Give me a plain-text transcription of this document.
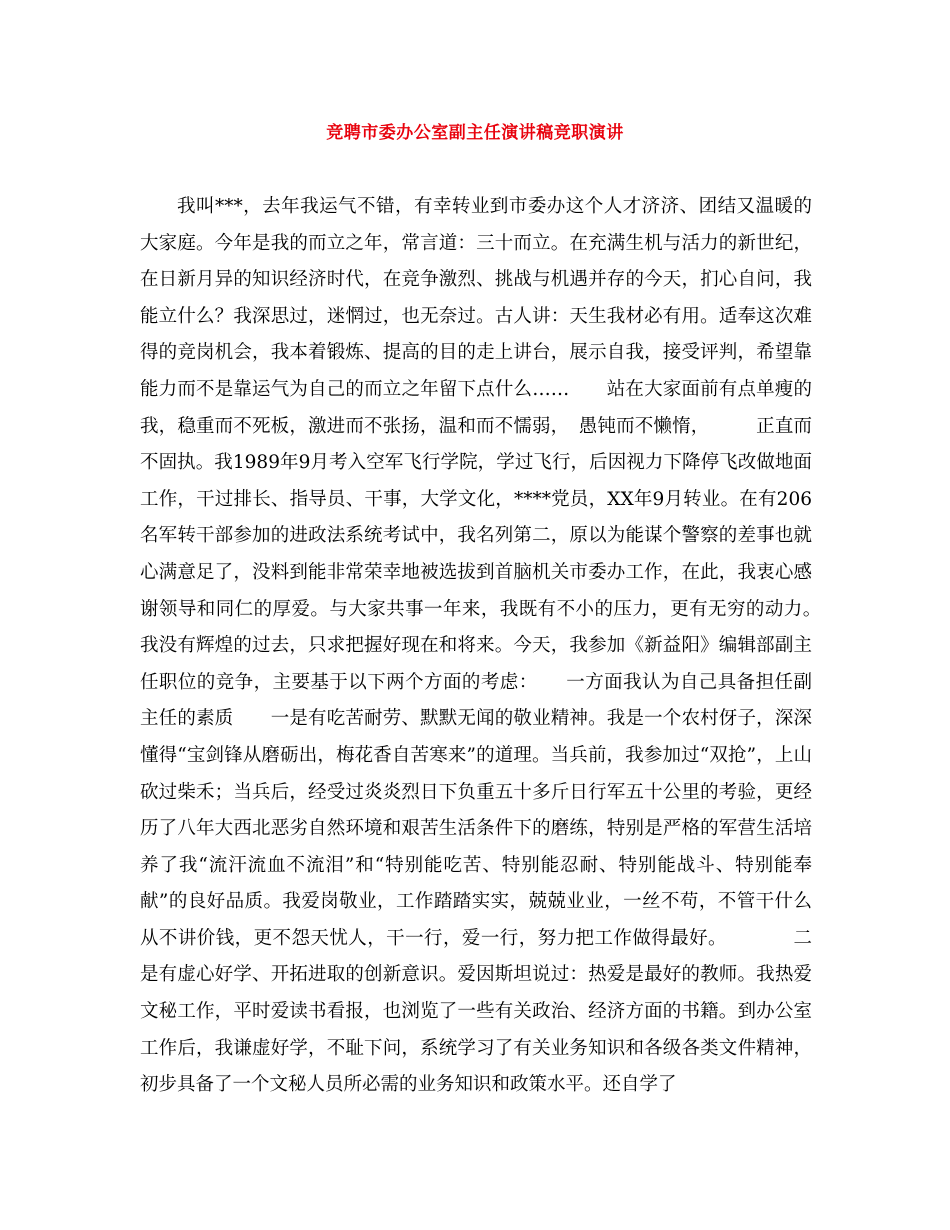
竞聘市委办公室副主任演讲稿竞职演讲

我叫***，去年我运气不错，有幸转业到市委办这个人才济济、团结又温暖的大家庭。今年是我的而立之年，常言道：三十而立。在充满生机与活力的新世纪，在日新月异的知识经济时代，在竞争激烈、挑战与机遇并存的今天，扪心自问，我能立什么？我深思过，迷惘过，也无奈过。古人讲：天生我材必有用。适奉这次难得的竞岗机会，我本着锻炼、提高的目的走上讲台，展示自我，接受评判，希望靠能力而不是靠运气为自己的而立之年留下点什么……　　站在大家面前有点单瘦的我，稳重而不死板，激进而不张扬，温和而不懦弱，　愚钝而不懒惰，　　　正直而不固执。我1989年9月考入空军飞行学院，学过飞行，后因视力下降停飞改做地面工作，干过排长、指导员、干事，大学文化，****党员，XX年9月转业。在有206名军转干部参加的进政法系统考试中，我名列第二，原以为能谋个警察的差事也就心满意足了，没料到能非常荣幸地被选拔到首脑机关市委办工作，在此，我衷心感谢领导和同仁的厚爱。与大家共事一年来，我既有不小的压力，更有无穷的动力。　　我没有辉煌的过去，只求把握好现在和将来。今天，我参加《新益阳》编辑部副主任职位的竞争，主要基于以下两个方面的考虑：　　一方面我认为自己具备担任副主任的素质　　一是有吃苦耐劳、默默无闻的敬业精神。我是一个农村伢子，深深懂得“宝剑锋从磨砺出，梅花香自苦寒来”的道理。当兵前，我参加过“双抢”，上山砍过柴禾；当兵后，经受过炎炎烈日下负重五十多斤日行军五十公里的考验，更经历了八年大西北恶劣自然环境和艰苦生活条件下的磨练，特别是严格的军营生活培养了我“流汗流血不流泪”和“特别能吃苦、特别能忍耐、特别能战斗、特别能奉献”的良好品质。我爱岗敬业，工作踏踏实实，兢兢业业，一丝不苟，不管干什么从不讲价钱，更不怨天忧人，干一行，爱一行，努力把工作做得最好。　　　　二是有虚心好学、开拓进取的创新意识。爱因斯坦说过：热爱是最好的教师。我热爱文秘工作，平时爱读书看报，也浏览了一些有关政治、经济方面的书籍。到办公室工作后，我谦虚好学，不耻下问，系统学习了有关业务知识和各级各类文件精神，初步具备了一个文秘人员所必需的业务知识和政策水平。还自学了
